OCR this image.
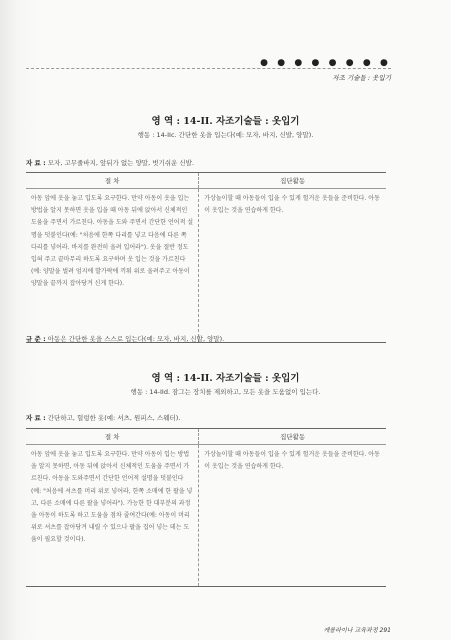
● ● ● ● ● ● ● ●
자조 기술들 : 옷입기
영 역 : 14-II. 자조기술들 : 옷입기
행동 : 14-IIc. 간단한 옷을 입는다(예: 모자, 바지, 신발, 양말).
자 료 : 모자, 고무줄바지, 앞뒤가 없는 양말, 벗기쉬운 신발.
절 차	집단활동
아동 앞에 옷을 놓고 입도록 요구한다. 만약 아동이 옷을 입는 방법을 알지 못하면 옷을 입을 때 아동 뒤에 앉아서 신체적인 도움을 주면서 가르친다. 아동을 도와 주면서 간단한 언어적 설명을 덧붙인다(예: "처음에 한쪽 다리를 넣고 다음에 다른 쪽 다리를 넣어라. 바지를 완전히 올려 입어라"). 옷을 절반 정도 입혀 주고 끝마무리 하도록 요구하며 옷 입는 것을 가르친다(예: 양말을 벌려 엄지에 발가락에 끼워 위로 올려주고 아동이 양말을 끝까지 잡아당겨 신게 한다).	가상놀이할 때 아동들이 입을 수 있게 헐거운 옷들을 준비한다. 아동이 옷입는 것을 연습하게 한다.
규 준 : 아동은 간단한 옷을 스스로 입는다(예: 모자, 바지, 신발, 양말).
영 역 : 14-II. 자조기술들 : 옷입기
행동 : 14-IId. 잠그는 장치를 제외하고, 모든 옷을 도움없이 입는다.
자 료 : 간단하고, 헐렁한 옷(예: 셔츠, 원피스, 스웨터).
절 차	집단활동
아동 앞에 옷을 놓고 입도록 요구한다. 만약 아동이 입는 방법을 알지 못하면, 아동 뒤에 앉아서 신체적인 도움을 주면서 가르친다. 아동을 도와주면서 간단한 언어적 설명을 덧붙인다(예: "처음에 셔츠를 머리 위로 넣어라, 한쪽 소매에 한 팔을 넣고, 다른 소매에 다른 팔을 넣어라"). 가능한 한 대부분의 과정을 아동이 하도록 하고 도움을 점차 줄여간다(예: 아동이 머리 위로 셔츠를 잡아당겨 내릴 수 있으나 팔을 집어 넣는 데는 도움이 필요할 것이다).	가상놀이할 때 아동들이 입을 수 있게 헐거운 옷들을 준비한다. 아동이 옷입는 것을 연습하게 한다.
캐롤라이나 교육과정 291
